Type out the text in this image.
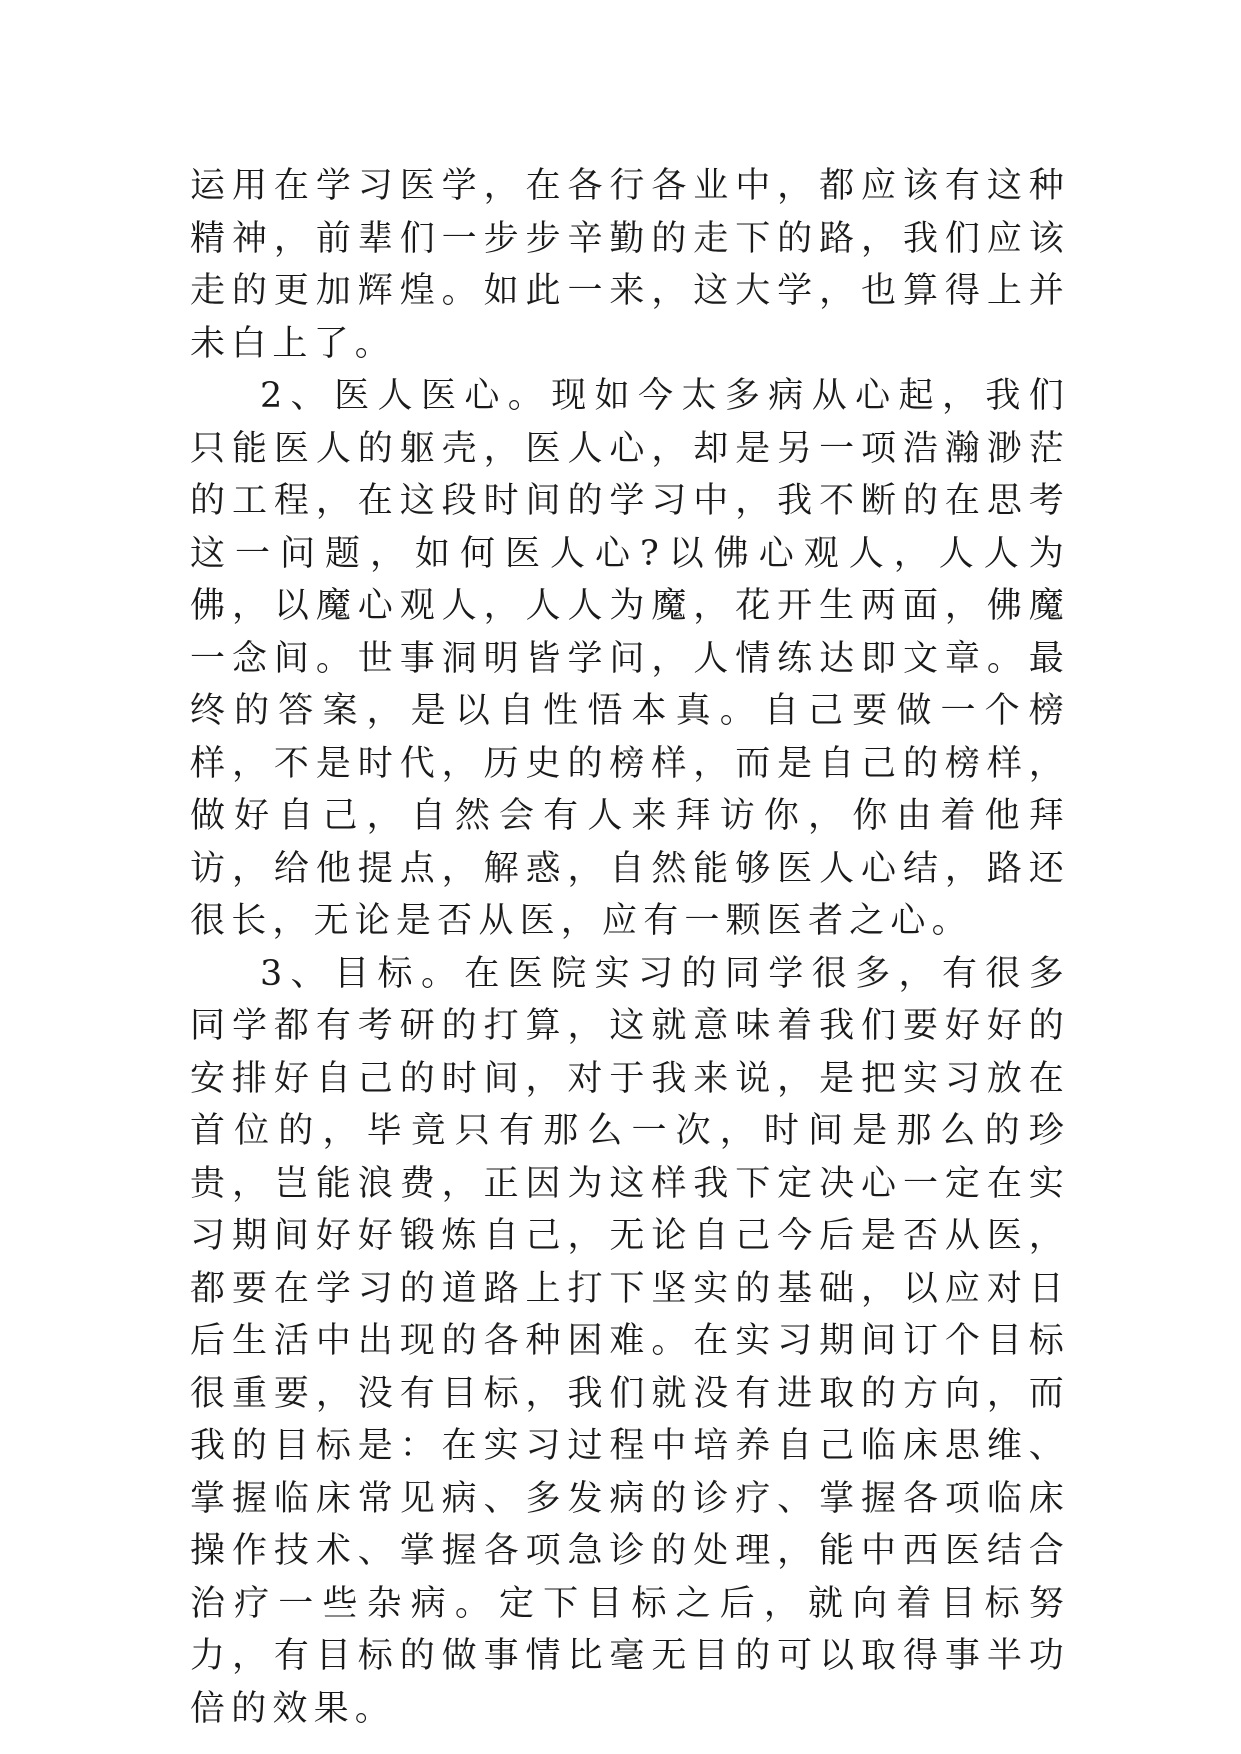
运用在学习医学，在各行各业中，都应该有这种精神，前辈们一步步辛勤的走下的路，我们应该走的更加辉煌。如此一来，这大学，也算得上并未白上了。

2、医人医心。现如今太多病从心起，我们只能医人的躯壳，医人心，却是另一项浩瀚渺茫的工程，在这段时间的学习中，我不断的在思考这一问题，如何医人心?以佛心观人，人人为佛，以魔心观人，人人为魔，花开生两面，佛魔一念间。世事洞明皆学问，人情练达即文章。最终的答案，是以自性悟本真。自己要做一个榜样，不是时代，历史的榜样，而是自己的榜样，做好自己，自然会有人来拜访你，你由着他拜访，给他提点，解惑，自然能够医人心结，路还很长，无论是否从医，应有一颗医者之心。

3、目标。在医院实习的同学很多，有很多同学都有考研的打算，这就意味着我们要好好的安排好自己的时间，对于我来说，是把实习放在首位的，毕竟只有那么一次，时间是那么的珍贵，岂能浪费，正因为这样我下定决心一定在实习期间好好锻炼自己，无论自己今后是否从医，都要在学习的道路上打下坚实的基础，以应对日后生活中出现的各种困难。在实习期间订个目标很重要，没有目标，我们就没有进取的方向，而我的目标是：在实习过程中培养自己临床思维、掌握临床常见病、多发病的诊疗、掌握各项临床操作技术、掌握各项急诊的处理，能中西医结合治疗一些杂病。定下目标之后，就向着目标努力，有目标的做事情比毫无目的可以取得事半功倍的效果。
